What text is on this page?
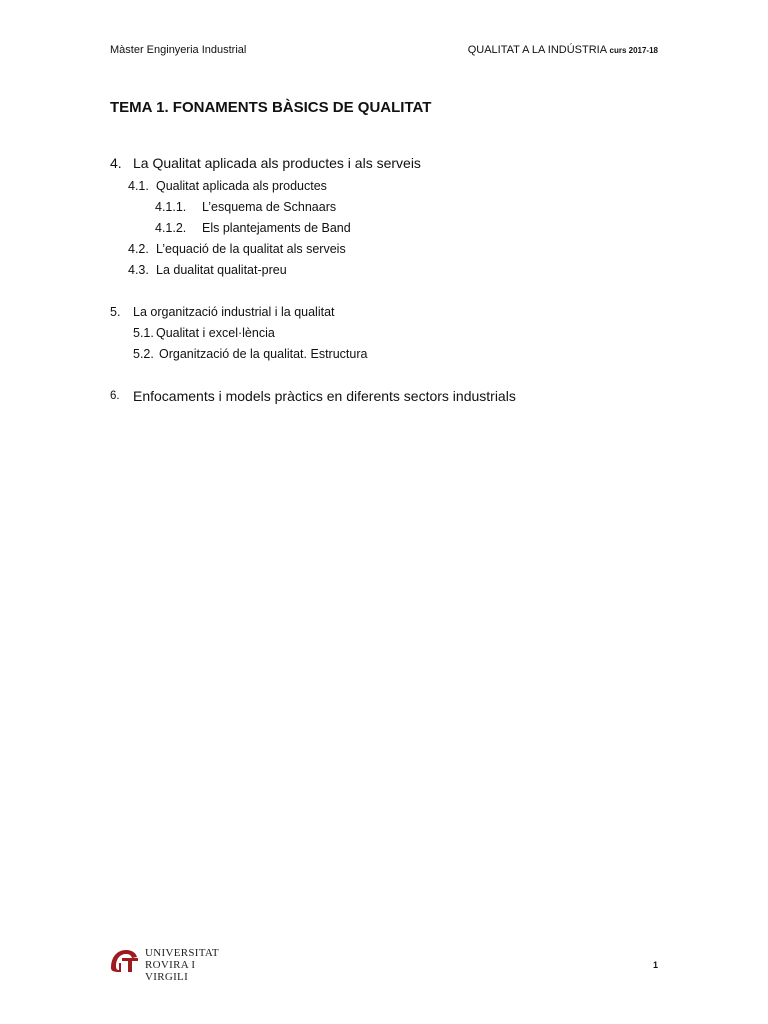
Màster Enginyeria Industrial	QUALITAT A LA INDÚSTRIA curs 2017-18
TEMA 1. FONAMENTS BÀSICS DE QUALITAT
4. La Qualitat aplicada als productes i als serveis
4.1. Qualitat aplicada als productes
4.1.1. L’esquema de Schnaars
4.1.2. Els plantejaments de Band
4.2. L’equació de la qualitat als serveis
4.3. La dualitat qualitat-preu
5. La organització industrial i la qualitat
5.1. Qualitat i excel·lència
5.2. Organització de la qualitat. Estructura
6. Enfocaments i models pràctics en diferents sectors industrials
UNIVERSITAT
ROVIRA I VIRGILI
1
